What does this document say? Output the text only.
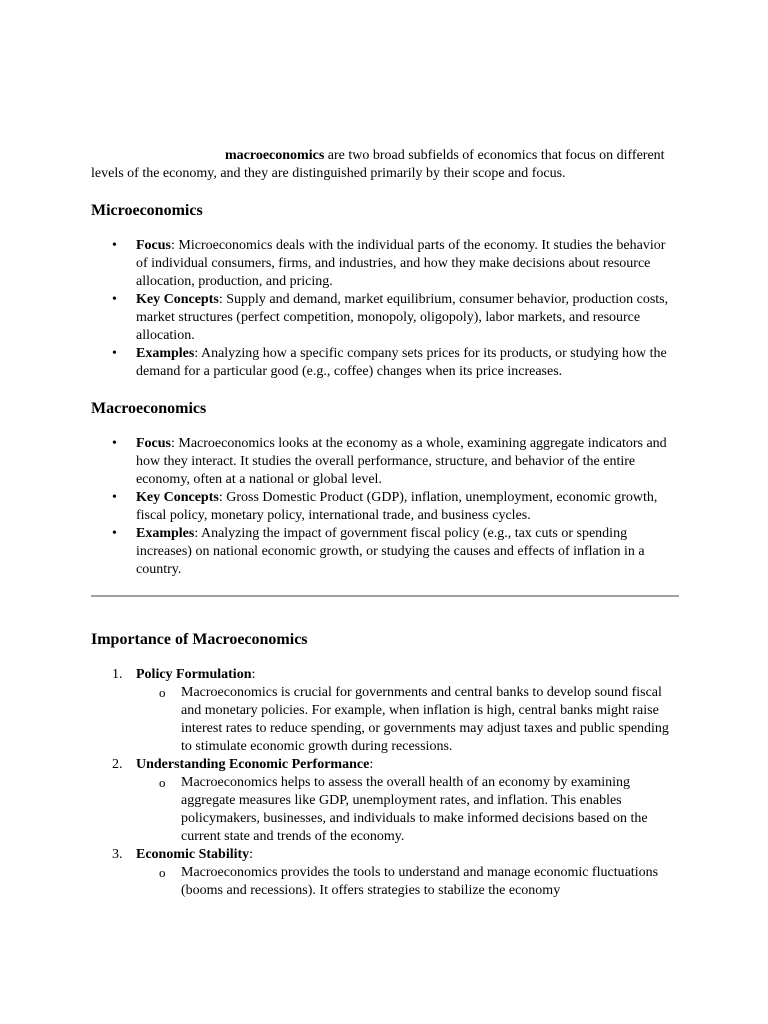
macroeconomics are two broad subfields of economics that focus on different levels of the economy, and they are distinguished primarily by their scope and focus.

Microeconomics
• Focus: Microeconomics deals with the individual parts of the economy. It studies the behavior of individual consumers, firms, and industries, and how they make decisions about resource allocation, production, and pricing.
• Key Concepts: Supply and demand, market equilibrium, consumer behavior, production costs, market structures (perfect competition, monopoly, oligopoly), labor markets, and resource allocation.
• Examples: Analyzing how a specific company sets prices for its products, or studying how the demand for a particular good (e.g., coffee) changes when its price increases.
Macroeconomics
• Focus: Macroeconomics looks at the economy as a whole, examining aggregate indicators and how they interact. It studies the overall performance, structure, and behavior of the entire economy, often at a national or global level.
• Key Concepts: Gross Domestic Product (GDP), inflation, unemployment, economic growth, fiscal policy, monetary policy, international trade, and business cycles.
• Examples: Analyzing the impact of government fiscal policy (e.g., tax cuts or spending increases) on national economic growth, or studying the causes and effects of inflation in a country.
Importance of Macroeconomics
1. Policy Formulation:
o Macroeconomics is crucial for governments and central banks to develop sound fiscal and monetary policies. For example, when inflation is high, central banks might raise interest rates to reduce spending, or governments may adjust taxes and public spending to stimulate economic growth during recessions.
2. Understanding Economic Performance:
o Macroeconomics helps to assess the overall health of an economy by examining aggregate measures like GDP, unemployment rates, and inflation. This enables policymakers, businesses, and individuals to make informed decisions based on the current state and trends of the economy.
3. Economic Stability:
o Macroeconomics provides the tools to understand and manage economic fluctuations (booms and recessions). It offers strategies to stabilize the economy
